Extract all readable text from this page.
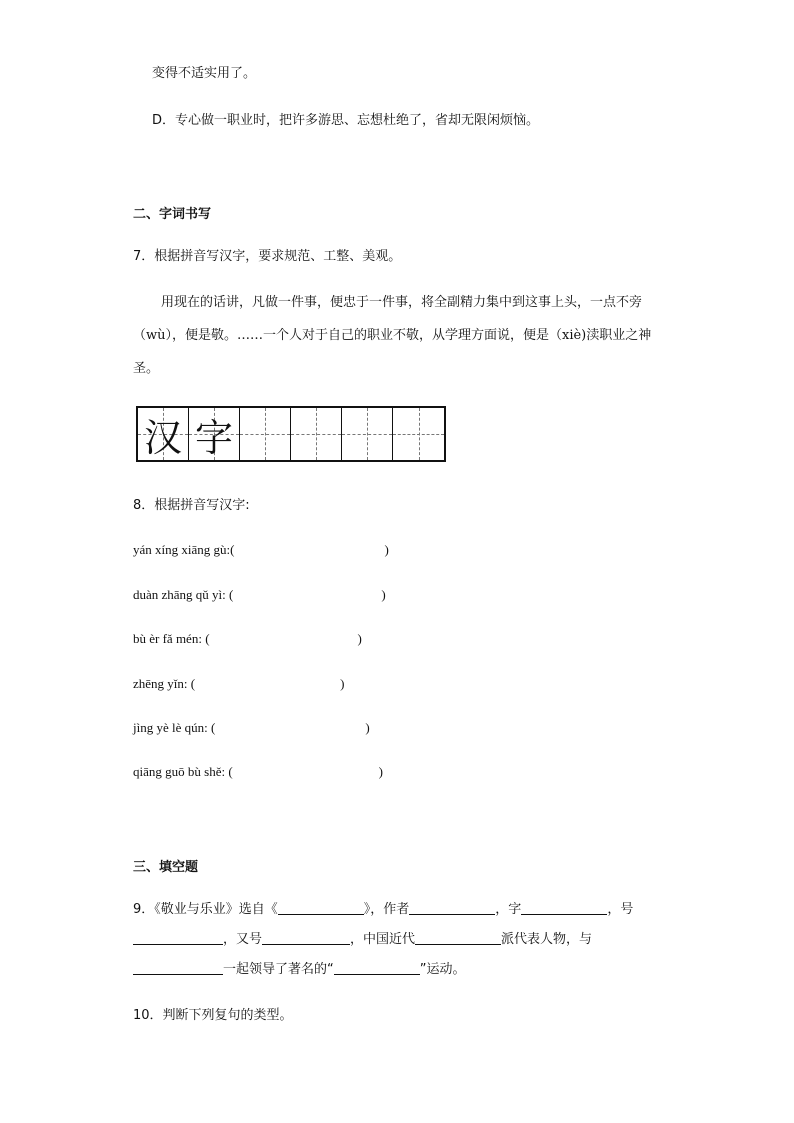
变得不适实用了。
D．专心做一职业时，把许多游思、忘想杜绝了，省却无限闲烦恼。
二、字词书写
7．根据拼音写汉字，要求规范、工整、美观。
用现在的话讲，凡做一件事，便忠于一件事，将全副精力集中到这事上头，一点不旁（wù），便是敬。……一个人对于自己的职业不敬，从学理方面说，便是（xiè)渎职业之神圣。
汉 字
8．根据拼音写汉字:
yán xíng xiāng gù:(	)
duàn zhāng qǔ yì: (	)
bù èr fǎ mén: (	)
zhēng yǐn: (	)
jìng yè lè qún: (	)
qiāng guō bù shě: (	)
三、填空题
9．《敬业与乐业》选自《	》，作者	，字	，号
，又号	，中国近代	派代表人物，与
一起领导了著名的“	”运动。
10．判断下列复句的类型。
